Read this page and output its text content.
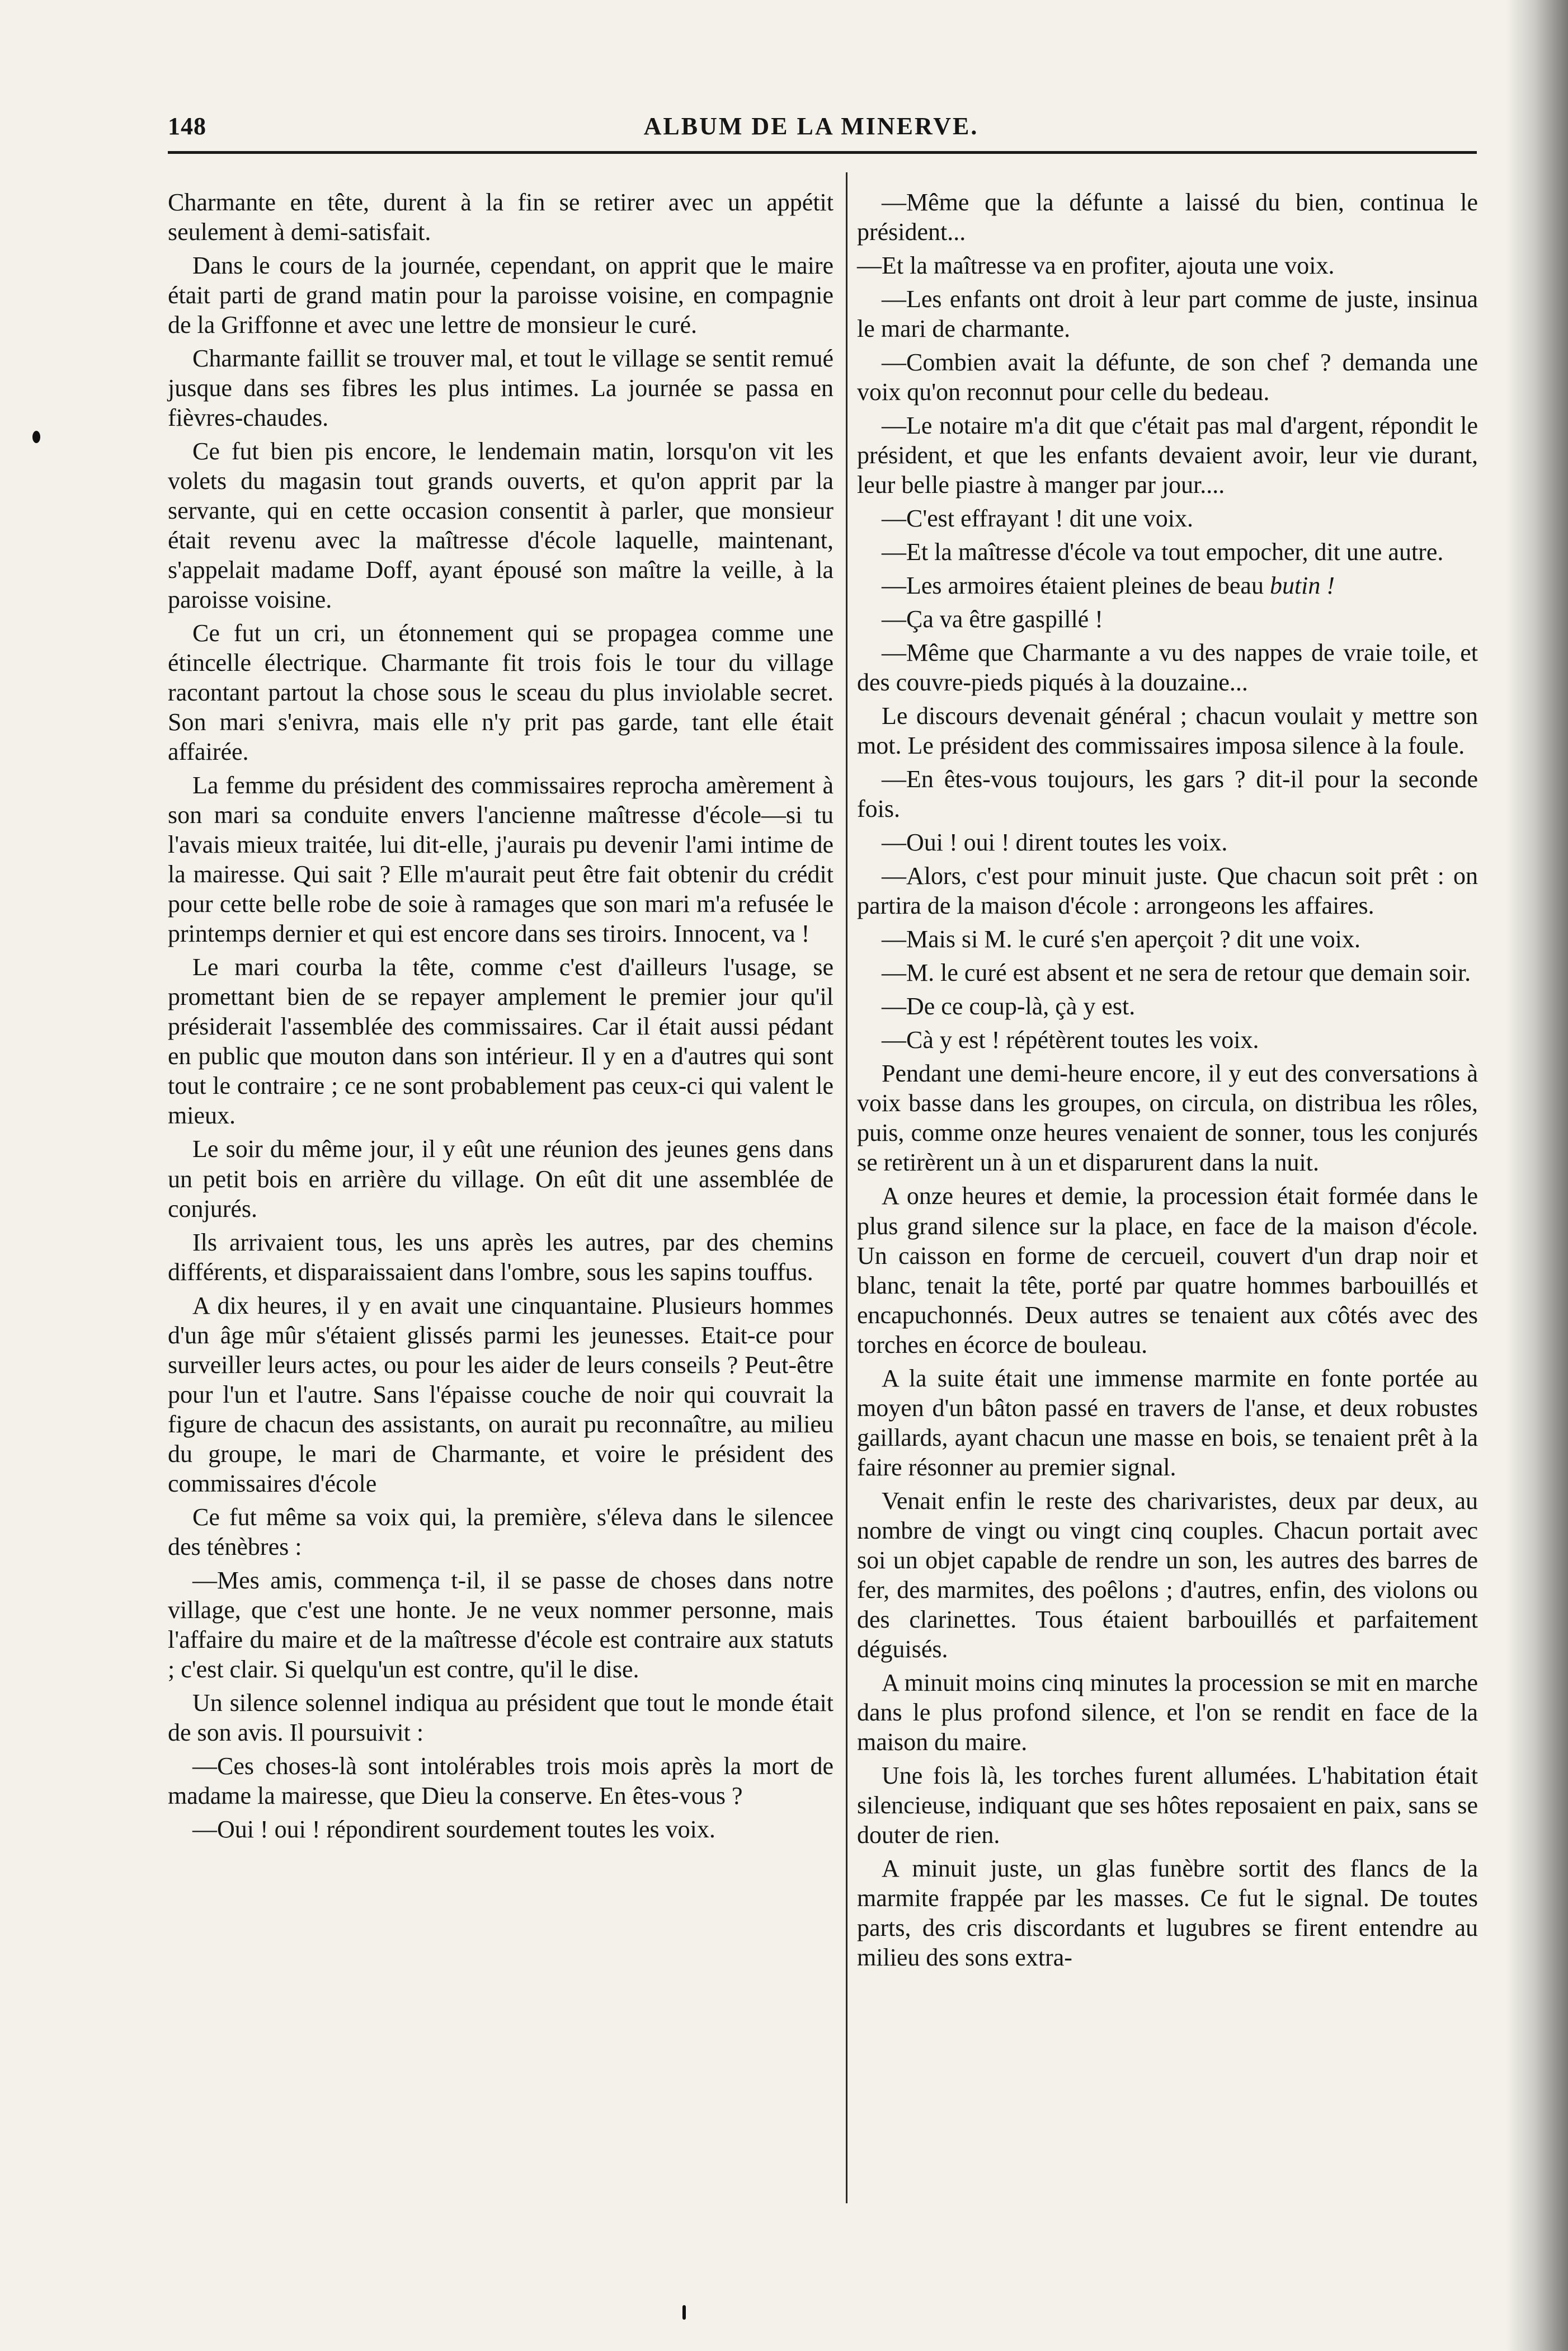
148	ALBUM DE LA MINERVE.

Charmante en tête, durent à la fin se retirer avec un appétit seulement à demi-satisfait.

Dans le cours de la journée, cependant, on apprit que le maire était parti de grand matin pour la paroisse voisine, en compagnie de la Griffonne et avec une lettre de monsieur le curé.

Charmante faillit se trouver mal, et tout le village se sentit remué jusque dans ses fibres les plus intimes. La journée se passa en fièvres-chaudes.

Ce fut bien pis encore, le lendemain matin, lorsqu'on vit les volets du magasin tout grands ouverts, et qu'on apprit par la servante, qui en cette occasion consentit à parler, que monsieur était revenu avec la maîtresse d'école laquelle, maintenant, s'appelait madame Doff, ayant épousé son maître la veille, à la paroisse voisine.

Ce fut un cri, un étonnement qui se propagea comme une étincelle électrique. Charmante fit trois fois le tour du village racontant partout la chose sous le sceau du plus inviolable secret. Son mari s'enivra, mais elle n'y prit pas garde, tant elle était affairée.

La femme du président des commissaires reprocha amèrement à son mari sa conduite envers l'ancienne maîtresse d'école—si tu l'avais mieux traitée, lui dit-elle, j'aurais pu devenir l'ami intime de la mairesse. Qui sait ? Elle m'aurait peut être fait obtenir du crédit pour cette belle robe de soie à ramages que son mari m'a refusée le printemps dernier et qui est encore dans ses tiroirs. Innocent, va !

Le mari courba la tête, comme c'est d'ailleurs l'usage, se promettant bien de se repayer amplement le premier jour qu'il présiderait l'assemblée des commissaires. Car il était aussi pédant en public que mouton dans son intérieur. Il y en a d'autres qui sont tout le contraire ; ce ne sont probablement pas ceux-ci qui valent le mieux.

Le soir du même jour, il y eût une réunion des jeunes gens dans un petit bois en arrière du village. On eût dit une assemblée de conjurés.

Ils arrivaient tous, les uns après les autres, par des chemins différents, et disparaissaient dans l'ombre, sous les sapins touffus.

A dix heures, il y en avait une cinquantaine. Plusieurs hommes d'un âge mûr s'étaient glissés parmi les jeunesses. Etait-ce pour surveiller leurs actes, ou pour les aider de leurs conseils ? Peut-être pour l'un et l'autre. Sans l'épaisse couche de noir qui couvrait la figure de chacun des assistants, on aurait pu reconnaître, au milieu du groupe, le mari de Charmante, et voire le président des commissaires d'école

Ce fut même sa voix qui, la première, s'éleva dans le silencee des ténèbres :

—Mes amis, commença t-il, il se passe de choses dans notre village, que c'est une honte. Je ne veux nommer personne, mais l'affaire du maire et de la maîtresse d'école est contraire aux statuts ; c'est clair. Si quelqu'un est contre, qu'il le dise.

Un silence solennel indiqua au président que tout le monde était de son avis. Il poursuivit :

—Ces choses-là sont intolérables trois mois après la mort de madame la mairesse, que Dieu la conserve. En êtes-vous ?

—Oui ! oui ! répondirent sourdement toutes les voix.

—Même que la défunte a laissé du bien, continua le président...

—Et la maîtresse va en profiter, ajouta une voix.

—Les enfants ont droit à leur part comme de juste, insinua le mari de charmante.

—Combien avait la défunte, de son chef ? demanda une voix qu'on reconnut pour celle du bedeau.

—Le notaire m'a dit que c'était pas mal d'argent, répondit le président, et que les enfants devaient avoir, leur vie durant, leur belle piastre à manger par jour....

—C'est effrayant ! dit une voix.

—Et la maîtresse d'école va tout empocher, dit une autre.

—Les armoires étaient pleines de beau butin !

—Ça va être gaspillé !

—Même que Charmante a vu des nappes de vraie toile, et des couvre-pieds piqués à la douzaine...

Le discours devenait général ; chacun voulait y mettre son mot. Le président des commissaires imposa silence à la foule.

—En êtes-vous toujours, les gars ? dit-il pour la seconde fois.

—Oui ! oui ! dirent toutes les voix.

—Alors, c'est pour minuit juste. Que chacun soit prêt : on partira de la maison d'école : arrongeons les affaires.

—Mais si M. le curé s'en aperçoit ? dit une voix.

—M. le curé est absent et ne sera de retour que demain soir.

—De ce coup-là, çà y est.

—Cà y est ! répétèrent toutes les voix.

Pendant une demi-heure encore, il y eut des conversations à voix basse dans les groupes, on circula, on distribua les rôles, puis, comme onze heures venaient de sonner, tous les conjurés se retirèrent un à un et disparurent dans la nuit.

A onze heures et demie, la procession était formée dans le plus grand silence sur la place, en face de la maison d'école. Un caisson en forme de cercueil, couvert d'un drap noir et blanc, tenait la tête, porté par quatre hommes barbouillés et encapuchonnés. Deux autres se tenaient aux côtés avec des torches en écorce de bouleau.

A la suite était une immense marmite en fonte portée au moyen d'un bâton passé en travers de l'anse, et deux robustes gaillards, ayant chacun une masse en bois, se tenaient prêt à la faire résonner au premier signal.

Venait enfin le reste des charivaristes, deux par deux, au nombre de vingt ou vingt cinq couples. Chacun portait avec soi un objet capable de rendre un son, les autres des barres de fer, des marmites, des poêlons ; d'autres, enfin, des violons ou des clarinettes. Tous étaient barbouillés et parfaitement déguisés.

A minuit moins cinq minutes la procession se mit en marche dans le plus profond silence, et l'on se rendit en face de la maison du maire.

Une fois là, les torches furent allumées. L'habitation était silencieuse, indiquant que ses hôtes reposaient en paix, sans se douter de rien.

A minuit juste, un glas funèbre sortit des flancs de la marmite frappée par les masses. Ce fut le signal. De toutes parts, des cris discordants et lugubres se firent entendre au milieu des sons extra-
